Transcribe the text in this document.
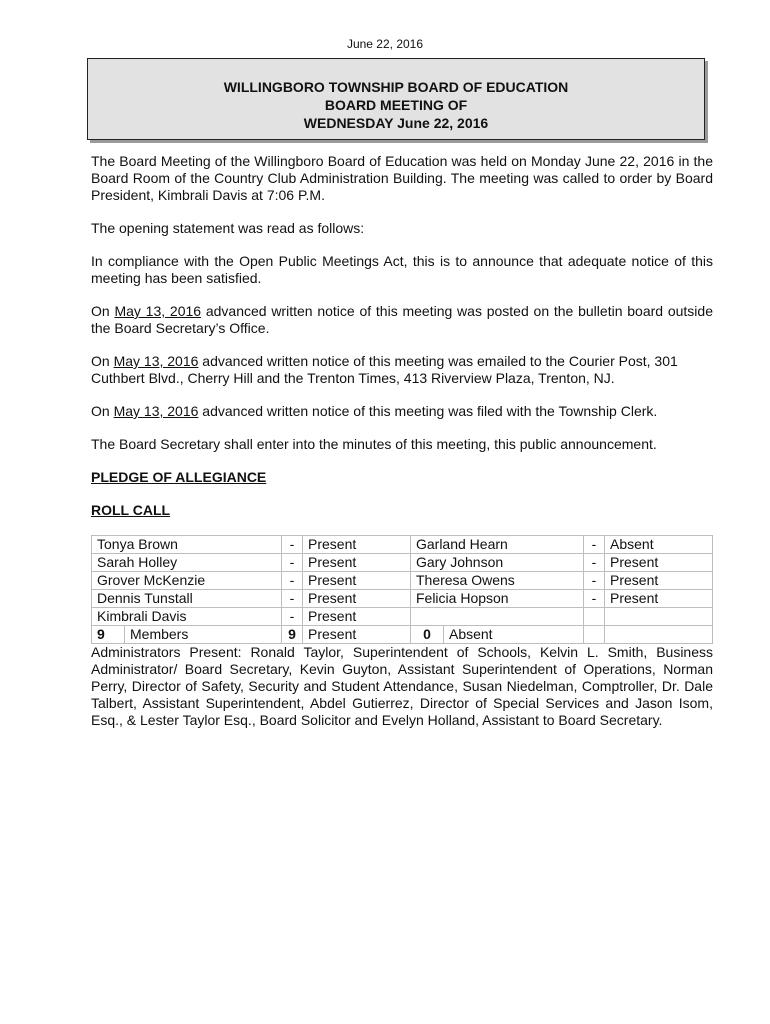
June 22, 2016
WILLINGBORO TOWNSHIP BOARD OF EDUCATION
BOARD MEETING OF
WEDNESDAY June 22, 2016

The Board Meeting of the Willingboro Board of Education was held on Monday June 22, 2016 in the Board Room of the Country Club Administration Building. The meeting was called to order by Board President, Kimbrali Davis at 7:06 P.M.

The opening statement was read as follows:

In compliance with the Open Public Meetings Act, this is to announce that adequate notice of this meeting has been satisfied.

On May 13, 2016 advanced written notice of this meeting was posted on the bulletin board outside the Board Secretary’s Office.

On May 13, 2016 advanced written notice of this meeting was emailed to the Courier Post, 301 Cuthbert Blvd., Cherry Hill and the Trenton Times, 413 Riverview Plaza, Trenton, NJ.

On May 13, 2016 advanced written notice of this meeting was filed with the Township Clerk.

The Board Secretary shall enter into the minutes of this meeting, this public announcement.

PLEDGE OF ALLEGIANCE

ROLL CALL

Tonya Brown		-	Present	Garland Hearn		-	Absent
Sarah Holley		-	Present	Gary Johnson		-	Present
Grover McKenzie		-	Present	Theresa Owens		-	Present
Dennis Tunstall		-	Present	Felicia Hopson		-	Present
Kimbrali Davis		-	Present				
9	Members	9	Present	0	Absent		

Administrators Present: Ronald Taylor, Superintendent of Schools, Kelvin L. Smith, Business Administrator/ Board Secretary, Kevin Guyton, Assistant Superintendent of Operations, Norman Perry, Director of Safety, Security and Student Attendance, Susan Niedelman, Comptroller, Dr. Dale Talbert, Assistant Superintendent, Abdel Gutierrez, Director of Special Services and Jason Isom, Esq., & Lester Taylor Esq., Board Solicitor and Evelyn Holland, Assistant to Board Secretary.
